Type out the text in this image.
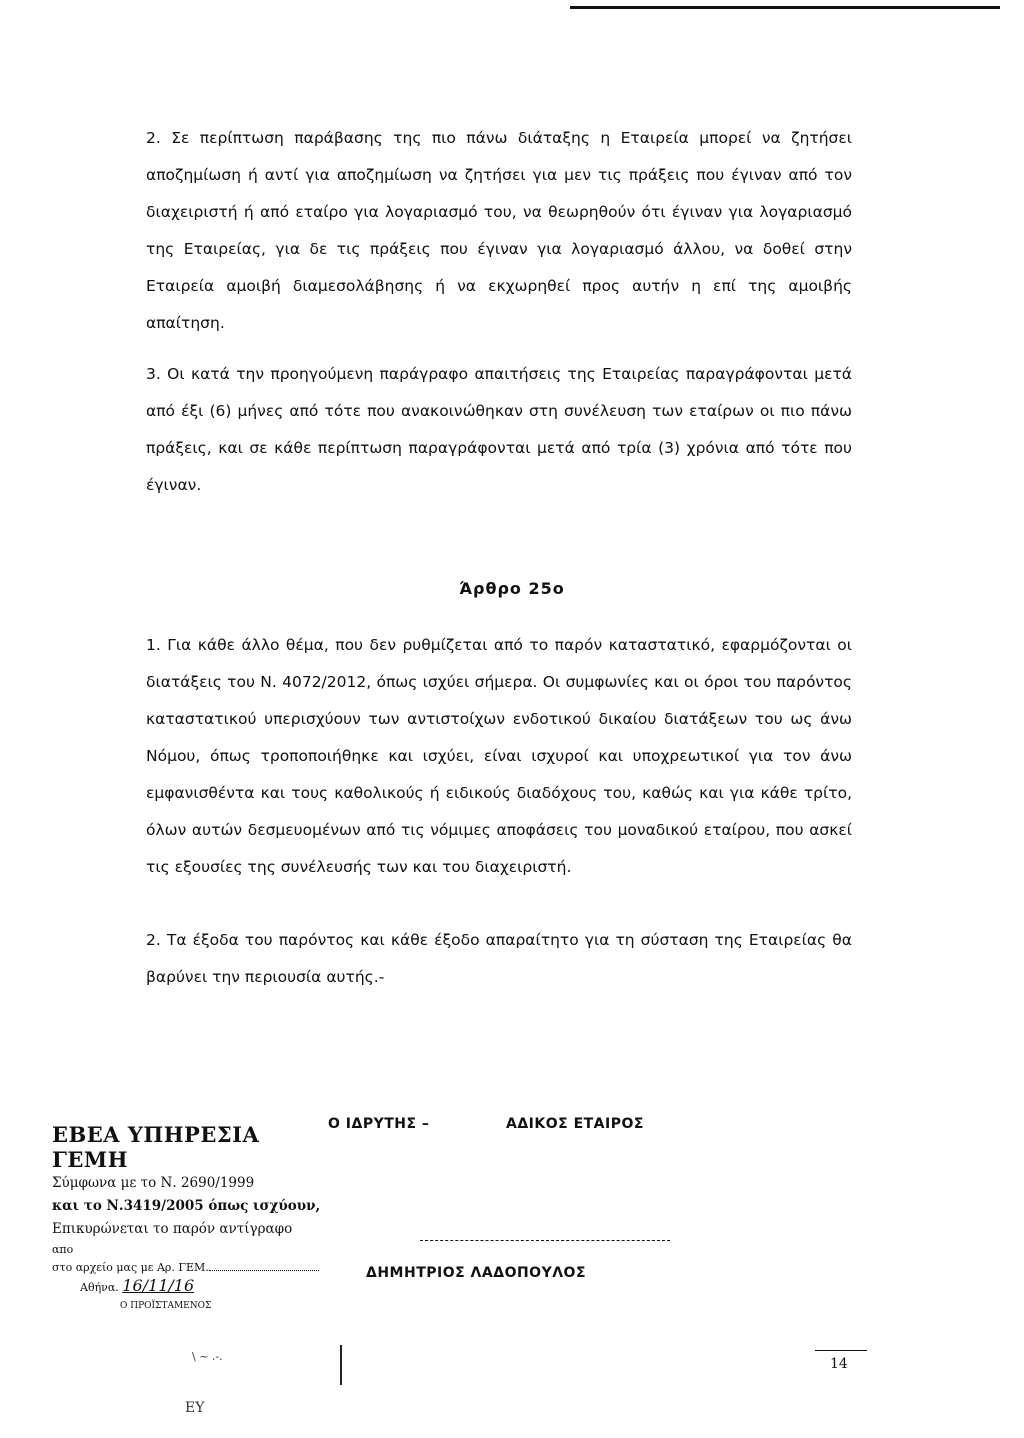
2. Σε περίπτωση παράβασης της πιο πάνω διάταξης η Εταιρεία μπορεί να ζητήσει αποζημίωση ή αντί για αποζημίωση να ζητήσει για μεν τις πράξεις που έγιναν από τον διαχειριστή ή από εταίρο για λογαριασμό του, να θεωρηθούν ότι έγιναν για λογαριασμό της Εταιρείας, για δε τις πράξεις που έγιναν για λογαριασμό άλλου, να δοθεί στην Εταιρεία αμοιβή διαμεσολάβησης ή να εκχωρηθεί προς αυτήν η επί της αμοιβής απαίτηση.

3. Οι κατά την προηγούμενη παράγραφο απαιτήσεις της Εταιρείας παραγράφονται μετά από έξι (6) μήνες από τότε που ανακοινώθηκαν στη συνέλευση των εταίρων οι πιο πάνω πράξεις, και σε κάθε περίπτωση παραγράφονται μετά από τρία (3) χρόνια από τότε που έγιναν.

Άρθρο 25ο

1. Για κάθε άλλο θέμα, που δεν ρυθμίζεται από το παρόν καταστατικό, εφαρμόζονται οι διατάξεις του Ν. 4072/2012, όπως ισχύει σήμερα. Οι συμφωνίες και οι όροι του παρόντος καταστατικού υπερισχύουν των αντιστοίχων ενδοτικού δικαίου διατάξεων του ως άνω Νόμου, όπως τροποποιήθηκε και ισχύει, είναι ισχυροί και υποχρεωτικοί για τον άνω εμφανισθέντα και τους καθολικούς ή ειδικούς διαδόχους του, καθώς και για κάθε τρίτο, όλων αυτών δεσμευομένων από τις νόμιμες αποφάσεις του μοναδικού εταίρου, που ασκεί τις εξουσίες της συνέλευσής των και του διαχειριστή.

2. Τα έξοδα του παρόντος και κάθε έξοδο απαραίτητο για τη σύσταση της Εταιρείας θα βαρύνει την περιουσία αυτής.-

ΕΒΕΑ ΥΠΗΡΕΣΙΑ ΓΕΜΗ
Σύμφωνα με το Ν. 2690/1999
και το Ν.3419/2005 όπως ισχύουν,
Επικυρώνεται το παρόν αντίγραφο
απο
στο αρχείο μας με Αρ. ΓΕΜ.
Αθήνα. 16/11/16
Ο ΠΡΟΪΣΤΑΜΕΝΟΣ
Ο ΙΔΡΥΤΗΣ –	ΑΔΙΚΟΣ ΕΤΑΙΡΟΣ
ΔΗΜΗΤΡΙΟΣ ΛΑΔΟΠΟΥΛΟΣ
\ ~ .-.	14
ΕΥ
